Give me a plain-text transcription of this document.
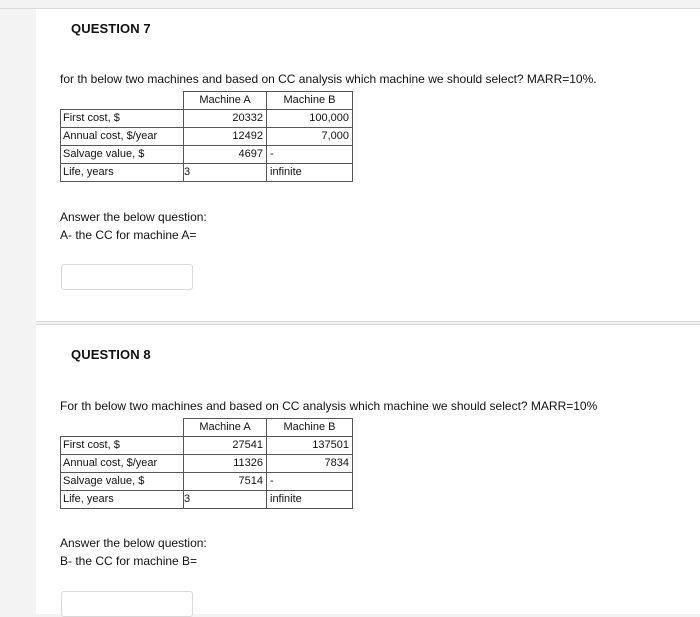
QUESTION 7
for th below two machines and based on CC analysis which machine we should select? MARR=10%.
	Machine A	Machine B
First cost, $	20332	100,000
Annual cost, $/year	12492	7,000
Salvage value, $	4697	-
Life, years	3	infinite
Answer the below question:
A- the CC for machine A=
QUESTION 8
For th below two machines and based on CC analysis which machine we should select? MARR=10%
	Machine A	Machine B
First cost, $	27541	137501
Annual cost, $/year	11326	7834
Salvage value, $	7514	-
Life, years	3	infinite
Answer the below question:
B- the CC for machine B=
